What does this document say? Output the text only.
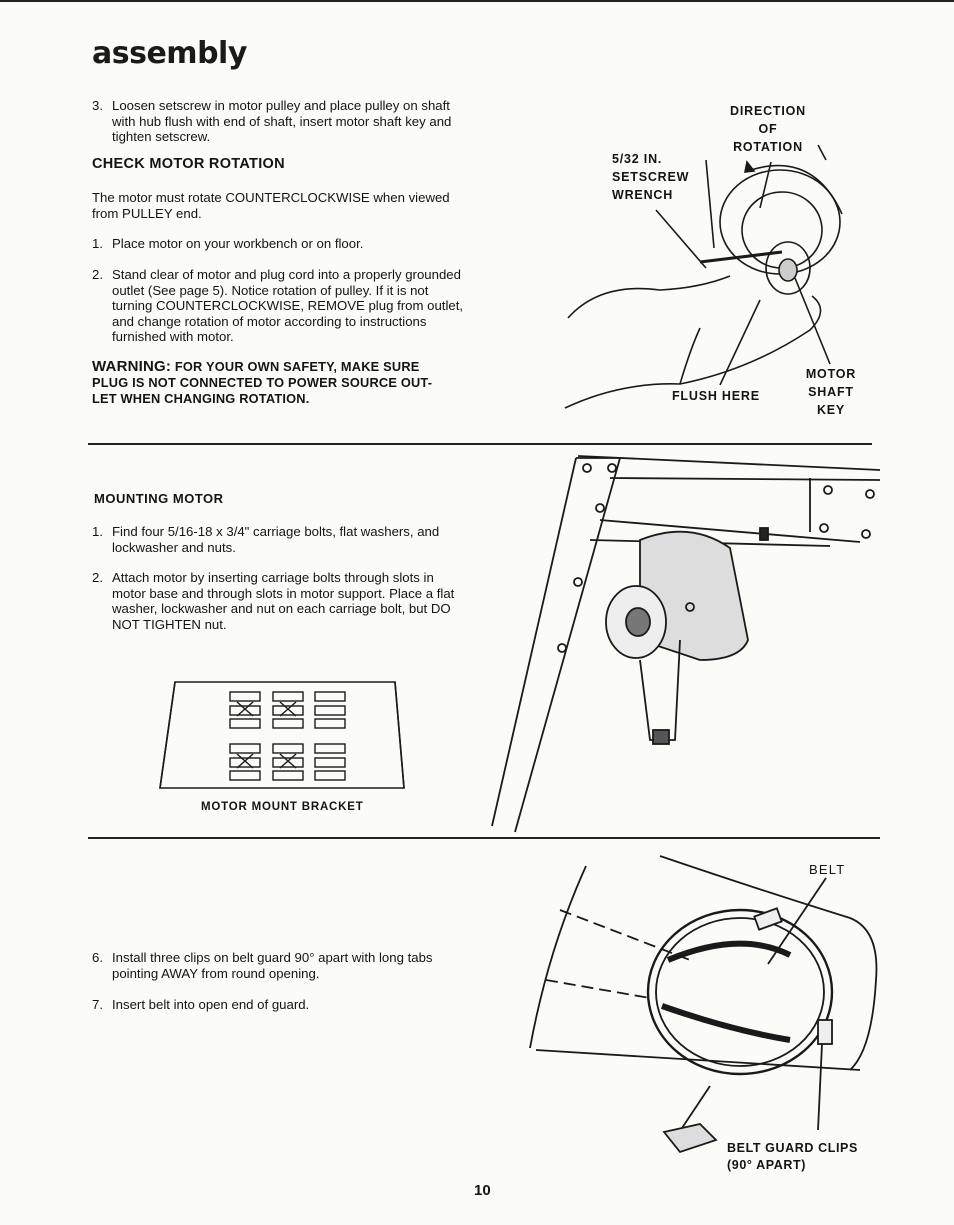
assembly
3. Loosen setscrew in motor pulley and place pulley on shaft with hub flush with end of shaft, insert motor shaft key and tighten setscrew.
CHECK MOTOR ROTATION
The motor must rotate COUNTERCLOCKWISE when viewed from PULLEY end.
1. Place motor on your workbench or on floor.
2. Stand clear of motor and plug cord into a properly grounded outlet (See page 5). Notice rotation of pulley. If it is not turning COUNTERCLOCKWISE, REMOVE plug from outlet, and change rotation of motor according to instructions furnished with motor.
WARNING: FOR YOUR OWN SAFETY, MAKE SURE
PLUG IS NOT CONNECTED TO POWER SOURCE OUT-
LET WHEN CHANGING ROTATION.
DIRECTION
OF
ROTATION
5/32 IN.
SETSCREW
WRENCH
MOTOR
SHAFT
KEY
FLUSH HERE
MOUNTING MOTOR
1. Find four 5/16-18 x 3/4" carriage bolts, flat washers, and lockwasher and nuts.
2. Attach motor by inserting carriage bolts through slots in motor base and through slots in motor support. Place a flat washer, lockwasher and nut on each carriage bolt, but DO NOT TIGHTEN nut.
MOTOR MOUNT BRACKET
6. Install three clips on belt guard 90° apart with long tabs pointing AWAY from round opening.
7. Insert belt into open end of guard.
BELT
BELT GUARD CLIPS
(90° APART)
10
